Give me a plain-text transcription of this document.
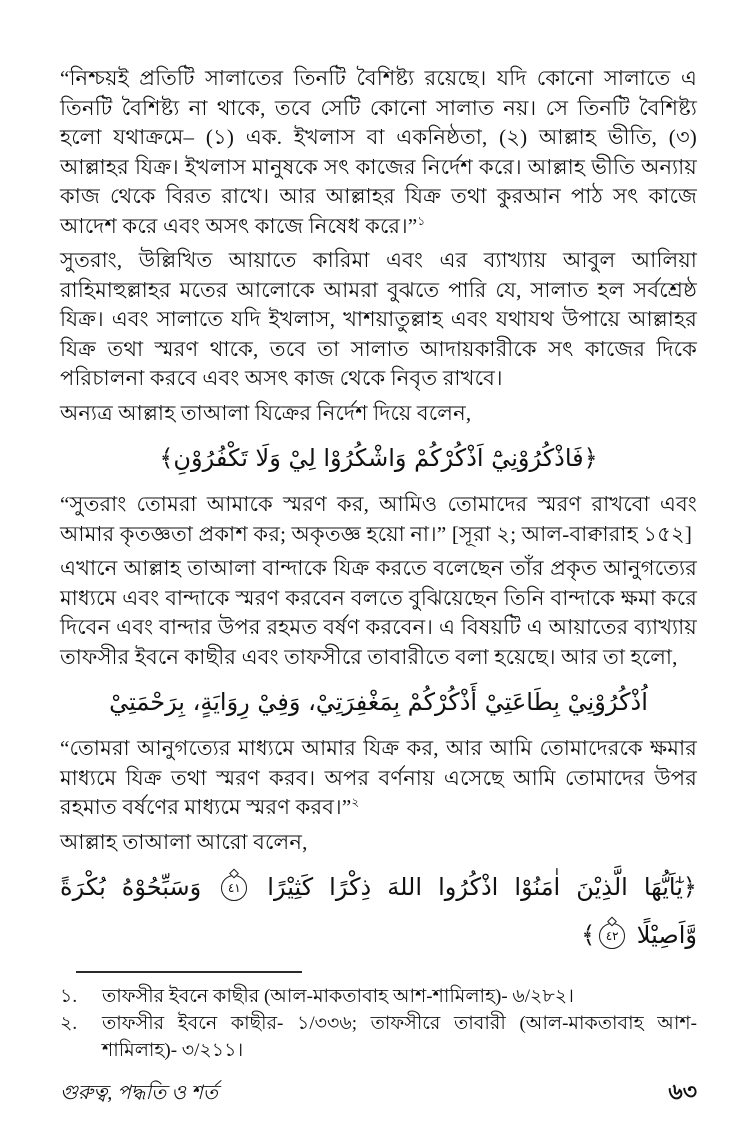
“নিশ্চয়ই প্রতিটি সালাতের তিনটি বৈশিষ্ট্য রয়েছে। যদি কোনো সালাতে এ তিনটি বৈশিষ্ট্য না থাকে, তবে সেটি কোনো সালাত নয়। সে তিনটি বৈশিষ্ট্য হলো যথাক্রমে– (১) এক. ইখলাস বা একনিষ্ঠতা, (২) আল্লাহ ভীতি, (৩) আল্লাহর যিক্র। ইখলাস মানুষকে সৎ কাজের নির্দেশ করে। আল্লাহ ভীতি অন্যায় কাজ থেকে বিরত রাখে। আর আল্লাহর যিক্র তথা কুরআন পাঠ সৎ কাজে আদেশ করে এবং অসৎ কাজে নিষেধ করে।”$^১$

সুতরাং, উল্লিখিত আয়াতে কারিমা এবং এর ব্যাখ্যায় আবুল আলিয়া রাহিমাহুল্লাহর মতের আলোকে আমরা বুঝতে পারি যে, সালাত হল সর্বশ্রেষ্ঠ যিক্র। এবং সালাতে যদি ইখলাস, খাশয়াতুল্লাহ এবং যথাযথ উপায়ে আল্লাহর যিক্র তথা স্মরণ থাকে, তবে তা সালাত আদায়কারীকে সৎ কাজের দিকে পরিচালনা করবে এবং অসৎ কাজ থেকে নিবৃত রাখবে।

অন্যত্র আল্লাহ তাআলা যিক্রের নির্দেশ দিয়ে বলেন,

﴿فَاذْكُرُوْنِيْٓ اَذْكُرْكُمْ وَاشْكُرُوْا لِيْ وَلَا تَكْفُرُوْنِ﴾

“সুতরাং তোমরা আমাকে স্মরণ কর, আমিও তোমাদের স্মরণ রাখবো এবং আমার কৃতজ্ঞতা প্রকাশ কর; অকৃতজ্ঞ হয়ো না।” [সূরা ২; আল-বাক্বারাহ ১৫২]

এখানে আল্লাহ তাআলা বান্দাকে যিক্র করতে বলেছেন তাঁর প্রকৃত আনুগত্যের মাধ্যমে এবং বান্দাকে স্মরণ করবেন বলতে বুঝিয়েছেন তিনি বান্দাকে ক্ষমা করে দিবেন এবং বান্দার উপর রহমত বর্ষণ করবেন। এ বিষয়টি এ আয়াতের ব্যাখ্যায় তাফসীর ইবনে কাছীর এবং তাফসীরে তাবারীতে বলা হয়েছে। আর তা হলো,

اُذْكُرُوْنِيْ بِطَاعَتِيْ أَذْكُرْكُمْ بِمَغْفِرَتِيْ، وَفِيْ رِوَايَةٍ، بِرَحْمَتِيْ

“তোমরা আনুগত্যের মাধ্যমে আমার যিক্র কর, আর আমি তোমাদেরকে ক্ষমার মাধ্যমে যিক্র তথা স্মরণ করব। অপর বর্ণনায় এসেছে আমি তোমাদের উপর রহমাত বর্ষণের মাধ্যমে স্মরণ করব।”$^২$

আল্লাহ তাআলা আরো বলেন,

﴿يٰٓاَيُّهَا الَّذِيْنَ اٰمَنُوْا اذْكُرُوا اللهَ ذِكْرًا كَثِيْرًا
٤١
وَسَبِّحُوْهُ بُكْرَةً
وَّاَصِيْلًا
٤٢
﴾
১.	তাফসীর ইবনে কাছীর (আল-মাকতাবাহ আশ-শামিলাহ)- ৬/২৮২।
২.	তাফসীর ইবনে কাছীর- ১/৩৩৬; তাফসীরে তাবারী (আল-মাকতাবাহ আশ-শামিলাহ)- ৩/২১১।
গুরুত্ব, পদ্ধতি ও শর্ত	৬৩
